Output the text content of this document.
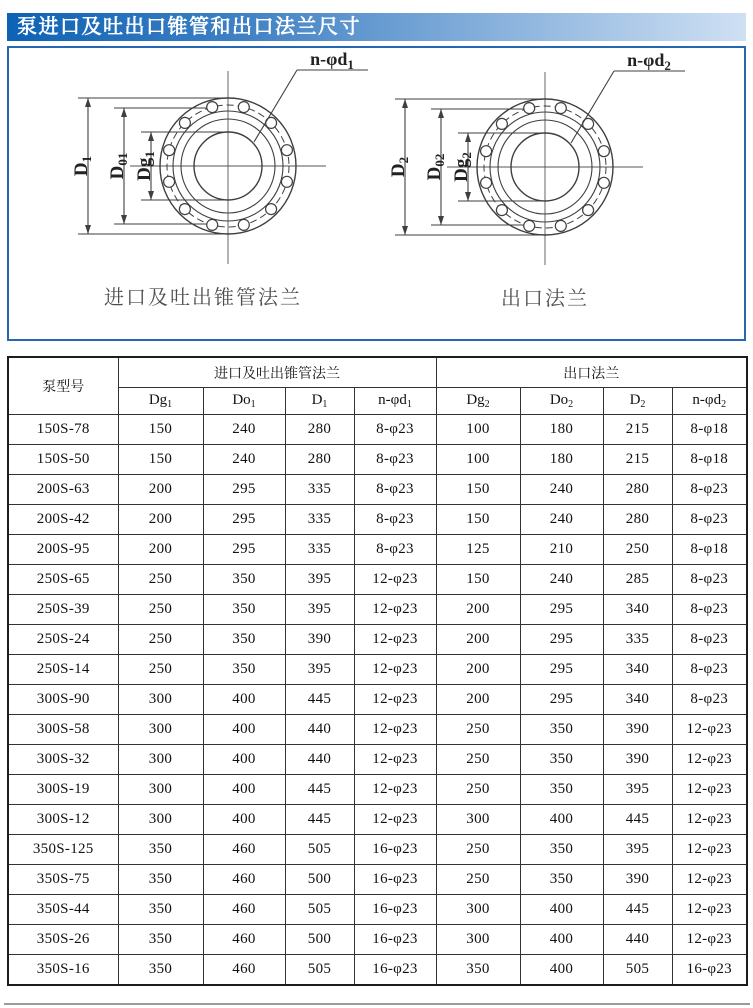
泵进口及吐出口锥管和出口法兰尺寸
$D_1$
$D_{01}$ $Dg_1$
$n-\varphi d_1$
进口及吐出锥管法兰
$D_2$
$D_{02}$ $Dg_2$
$n-\varphi d_2$
出口法兰
泵型号	进口及吐出锥管法兰				出口法兰			
	$Dg_1$	$Do_1$	$D_1$	$n-\varphi d_1$	$Dg_2$	$Do_2$	$D_2$	$n-\varphi d_2$
150S-78	150	240	280	8-φ23	100	180	215	8-φ18
150S-50	150	240	280	8-φ23	100	180	215	8-φ18
200S-63	200	295	335	8-φ23	150	240	280	8-φ23
200S-42	200	295	335	8-φ23	150	240	280	8-φ23
200S-95	200	295	335	8-φ23	125	210	250	8-φ18
250S-65	250	350	395	12-φ23	150	240	285	8-φ23
250S-39	250	350	395	12-φ23	200	295	340	8-φ23
250S-24	250	350	390	12-φ23	200	295	335	8-φ23
250S-14	250	350	395	12-φ23	200	295	340	8-φ23
300S-90	300	400	445	12-φ23	200	295	340	8-φ23
300S-58	300	400	440	12-φ23	250	350	390	12-φ23
300S-32	300	400	440	12-φ23	250	350	390	12-φ23
300S-19	300	400	445	12-φ23	250	350	395	12-φ23
300S-12	300	400	445	12-φ23	300	400	445	12-φ23
350S-125	350	460	505	16-φ23	250	350	395	12-φ23
350S-75	350	460	500	16-φ23	250	350	390	12-φ23
350S-44	350	460	505	16-φ23	300	400	445	12-φ23
350S-26	350	460	500	16-φ23	300	400	440	12-φ23
350S-16	350	460	505	16-φ23	350	400	505	16-φ23
